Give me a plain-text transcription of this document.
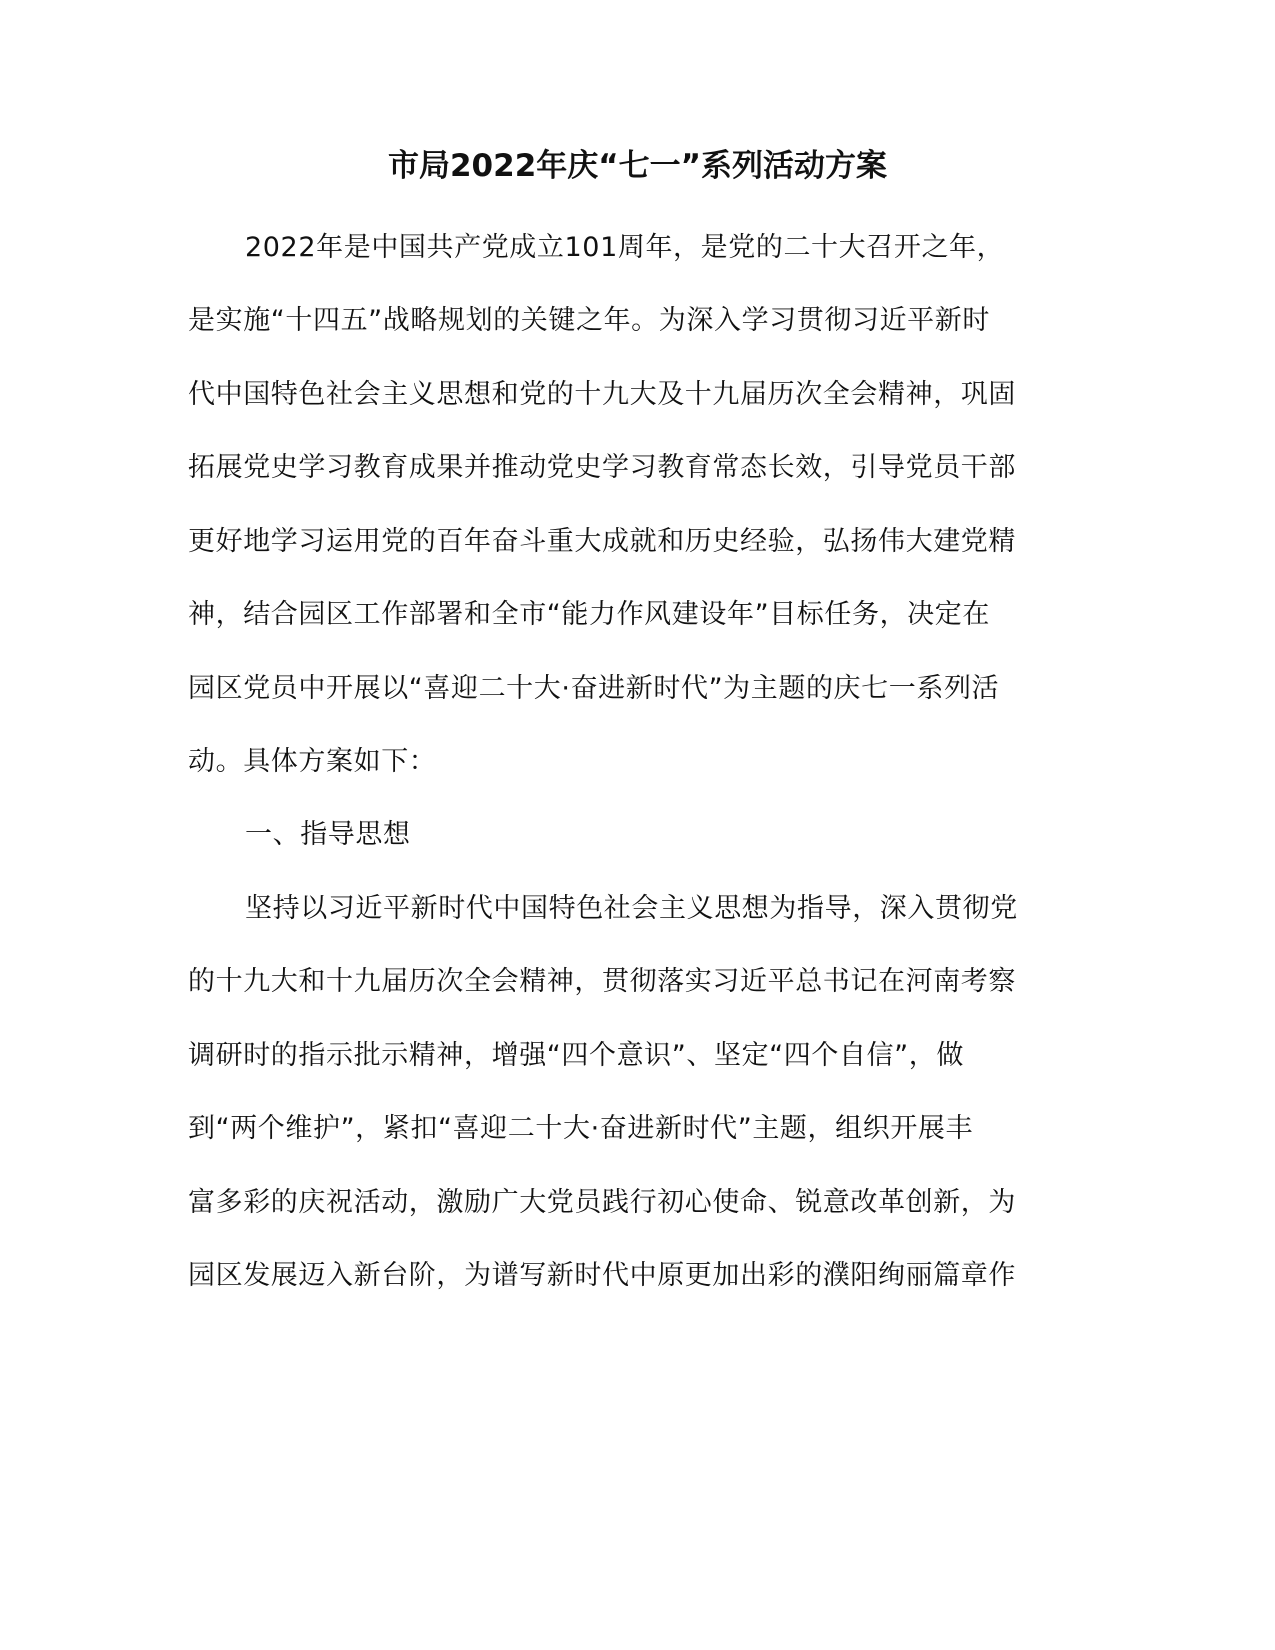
市局2022年庆“七一”系列活动方案

2022年是中国共产党成立101周年，是党的二十大召开之年，

是实施“十四五”战略规划的关键之年。为深入学习贯彻习近平新时

代中国特色社会主义思想和党的十九大及十九届历次全会精神，巩固

拓展党史学习教育成果并推动党史学习教育常态长效，引导党员干部

更好地学习运用党的百年奋斗重大成就和历史经验，弘扬伟大建党精

神，结合园区工作部署和全市“能力作风建设年”目标任务，决定在

园区党员中开展以“喜迎二十大·奋进新时代”为主题的庆七一系列活

动。具体方案如下：

一、指导思想

坚持以习近平新时代中国特色社会主义思想为指导，深入贯彻党

的十九大和十九届历次全会精神，贯彻落实习近平总书记在河南考察

调研时的指示批示精神，增强“四个意识”、坚定“四个自信”，做

到“两个维护”，紧扣“喜迎二十大·奋进新时代”主题，组织开展丰

富多彩的庆祝活动，激励广大党员践行初心使命、锐意改革创新，为

园区发展迈入新台阶，为谱写新时代中原更加出彩的濮阳绚丽篇章作
